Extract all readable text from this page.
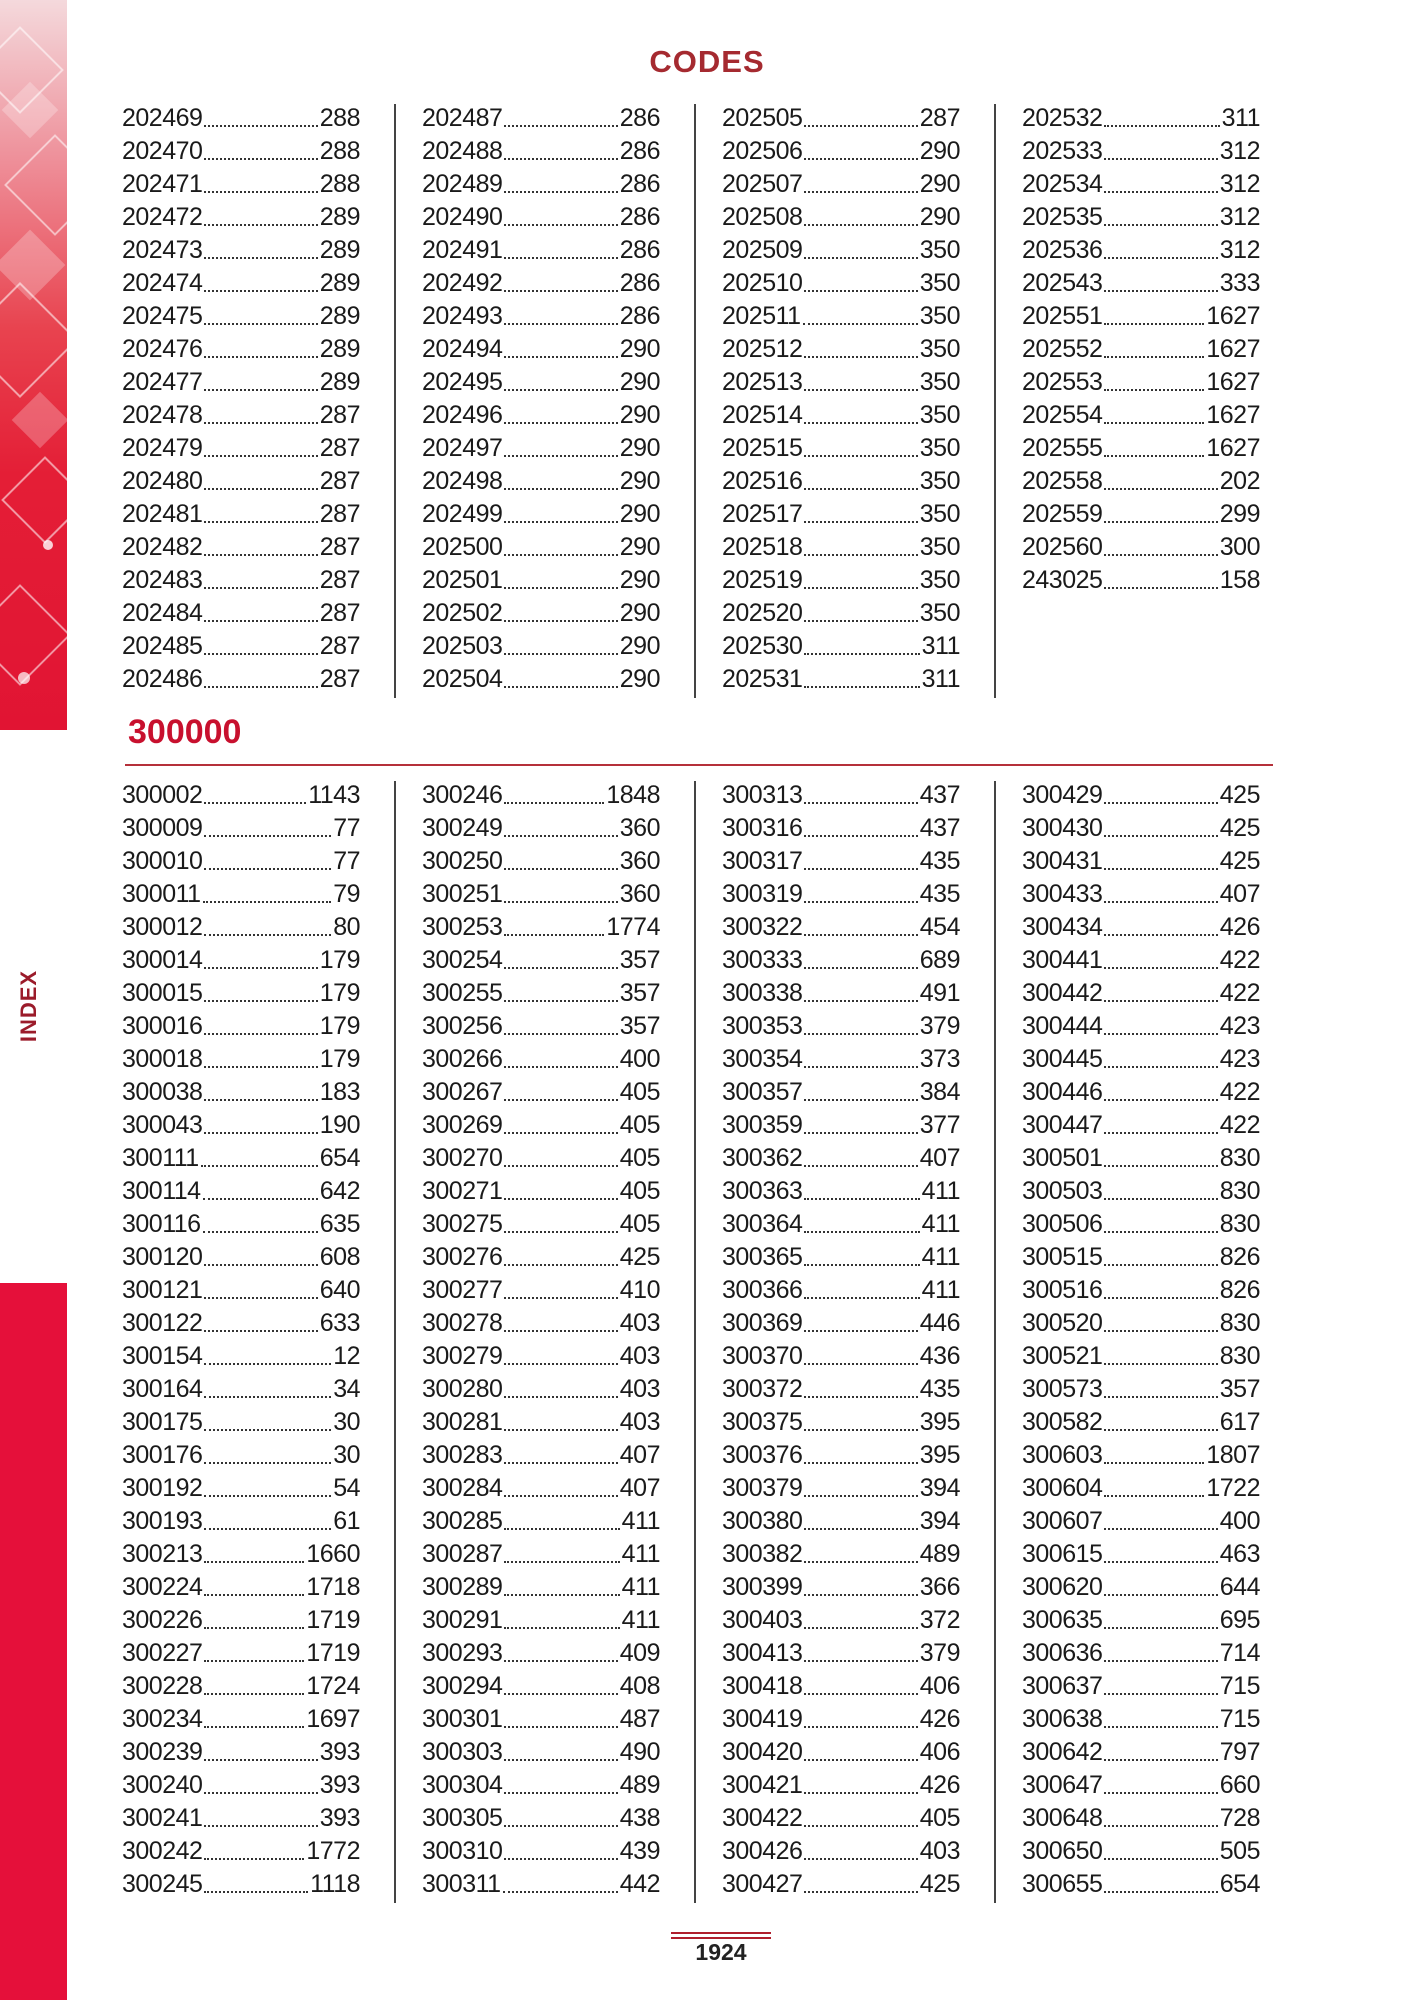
INDEX
CODES
202469	288
202470	288
202471	288
202472	289
202473	289
202474	289
202475	289
202476	289
202477	289
202478	287
202479	287
202480	287
202481	287
202482	287
202483	287
202484	287
202485	287
202486	287
202487	286
202488	286
202489	286
202490	286
202491	286
202492	286
202493	286
202494	290
202495	290
202496	290
202497	290
202498	290
202499	290
202500	290
202501	290
202502	290
202503	290
202504	290
202505	287
202506	290
202507	290
202508	290
202509	350
202510	350
202511	350
202512	350
202513	350
202514	350
202515	350
202516	350
202517	350
202518	350
202519	350
202520	350
202530	311
202531	311
202532	311
202533	312
202534	312
202535	312
202536	312
202543	333
202551	1627
202552	1627
202553	1627
202554	1627
202555	1627
202558	202
202559	299
202560	300
243025	158
300000
300002	1143
300009	77
300010	77
300011	79
300012	80
300014	179
300015	179
300016	179
300018	179
300038	183
300043	190
300111	654
300114	642
300116	635
300120	608
300121	640
300122	633
300154	12
300164	34
300175	30
300176	30
300192	54
300193	61
300213	1660
300224	1718
300226	1719
300227	1719
300228	1724
300234	1697
300239	393
300240	393
300241	393
300242	1772
300245	1118
300246	1848
300249	360
300250	360
300251	360
300253	1774
300254	357
300255	357
300256	357
300266	400
300267	405
300269	405
300270	405
300271	405
300275	405
300276	425
300277	410
300278	403
300279	403
300280	403
300281	403
300283	407
300284	407
300285	411
300287	411
300289	411
300291	411
300293	409
300294	408
300301	487
300303	490
300304	489
300305	438
300310	439
300311	442
300313	437
300316	437
300317	435
300319	435
300322	454
300333	689
300338	491
300353	379
300354	373
300357	384
300359	377
300362	407
300363	411
300364	411
300365	411
300366	411
300369	446
300370	436
300372	435
300375	395
300376	395
300379	394
300380	394
300382	489
300399	366
300403	372
300413	379
300418	406
300419	426
300420	406
300421	426
300422	405
300426	403
300427	425
300429	425
300430	425
300431	425
300433	407
300434	426
300441	422
300442	422
300444	423
300445	423
300446	422
300447	422
300501	830
300503	830
300506	830
300515	826
300516	826
300520	830
300521	830
300573	357
300582	617
300603	1807
300604	1722
300607	400
300615	463
300620	644
300635	695
300636	714
300637	715
300638	715
300642	797
300647	660
300648	728
300650	505
300655	654
1924
